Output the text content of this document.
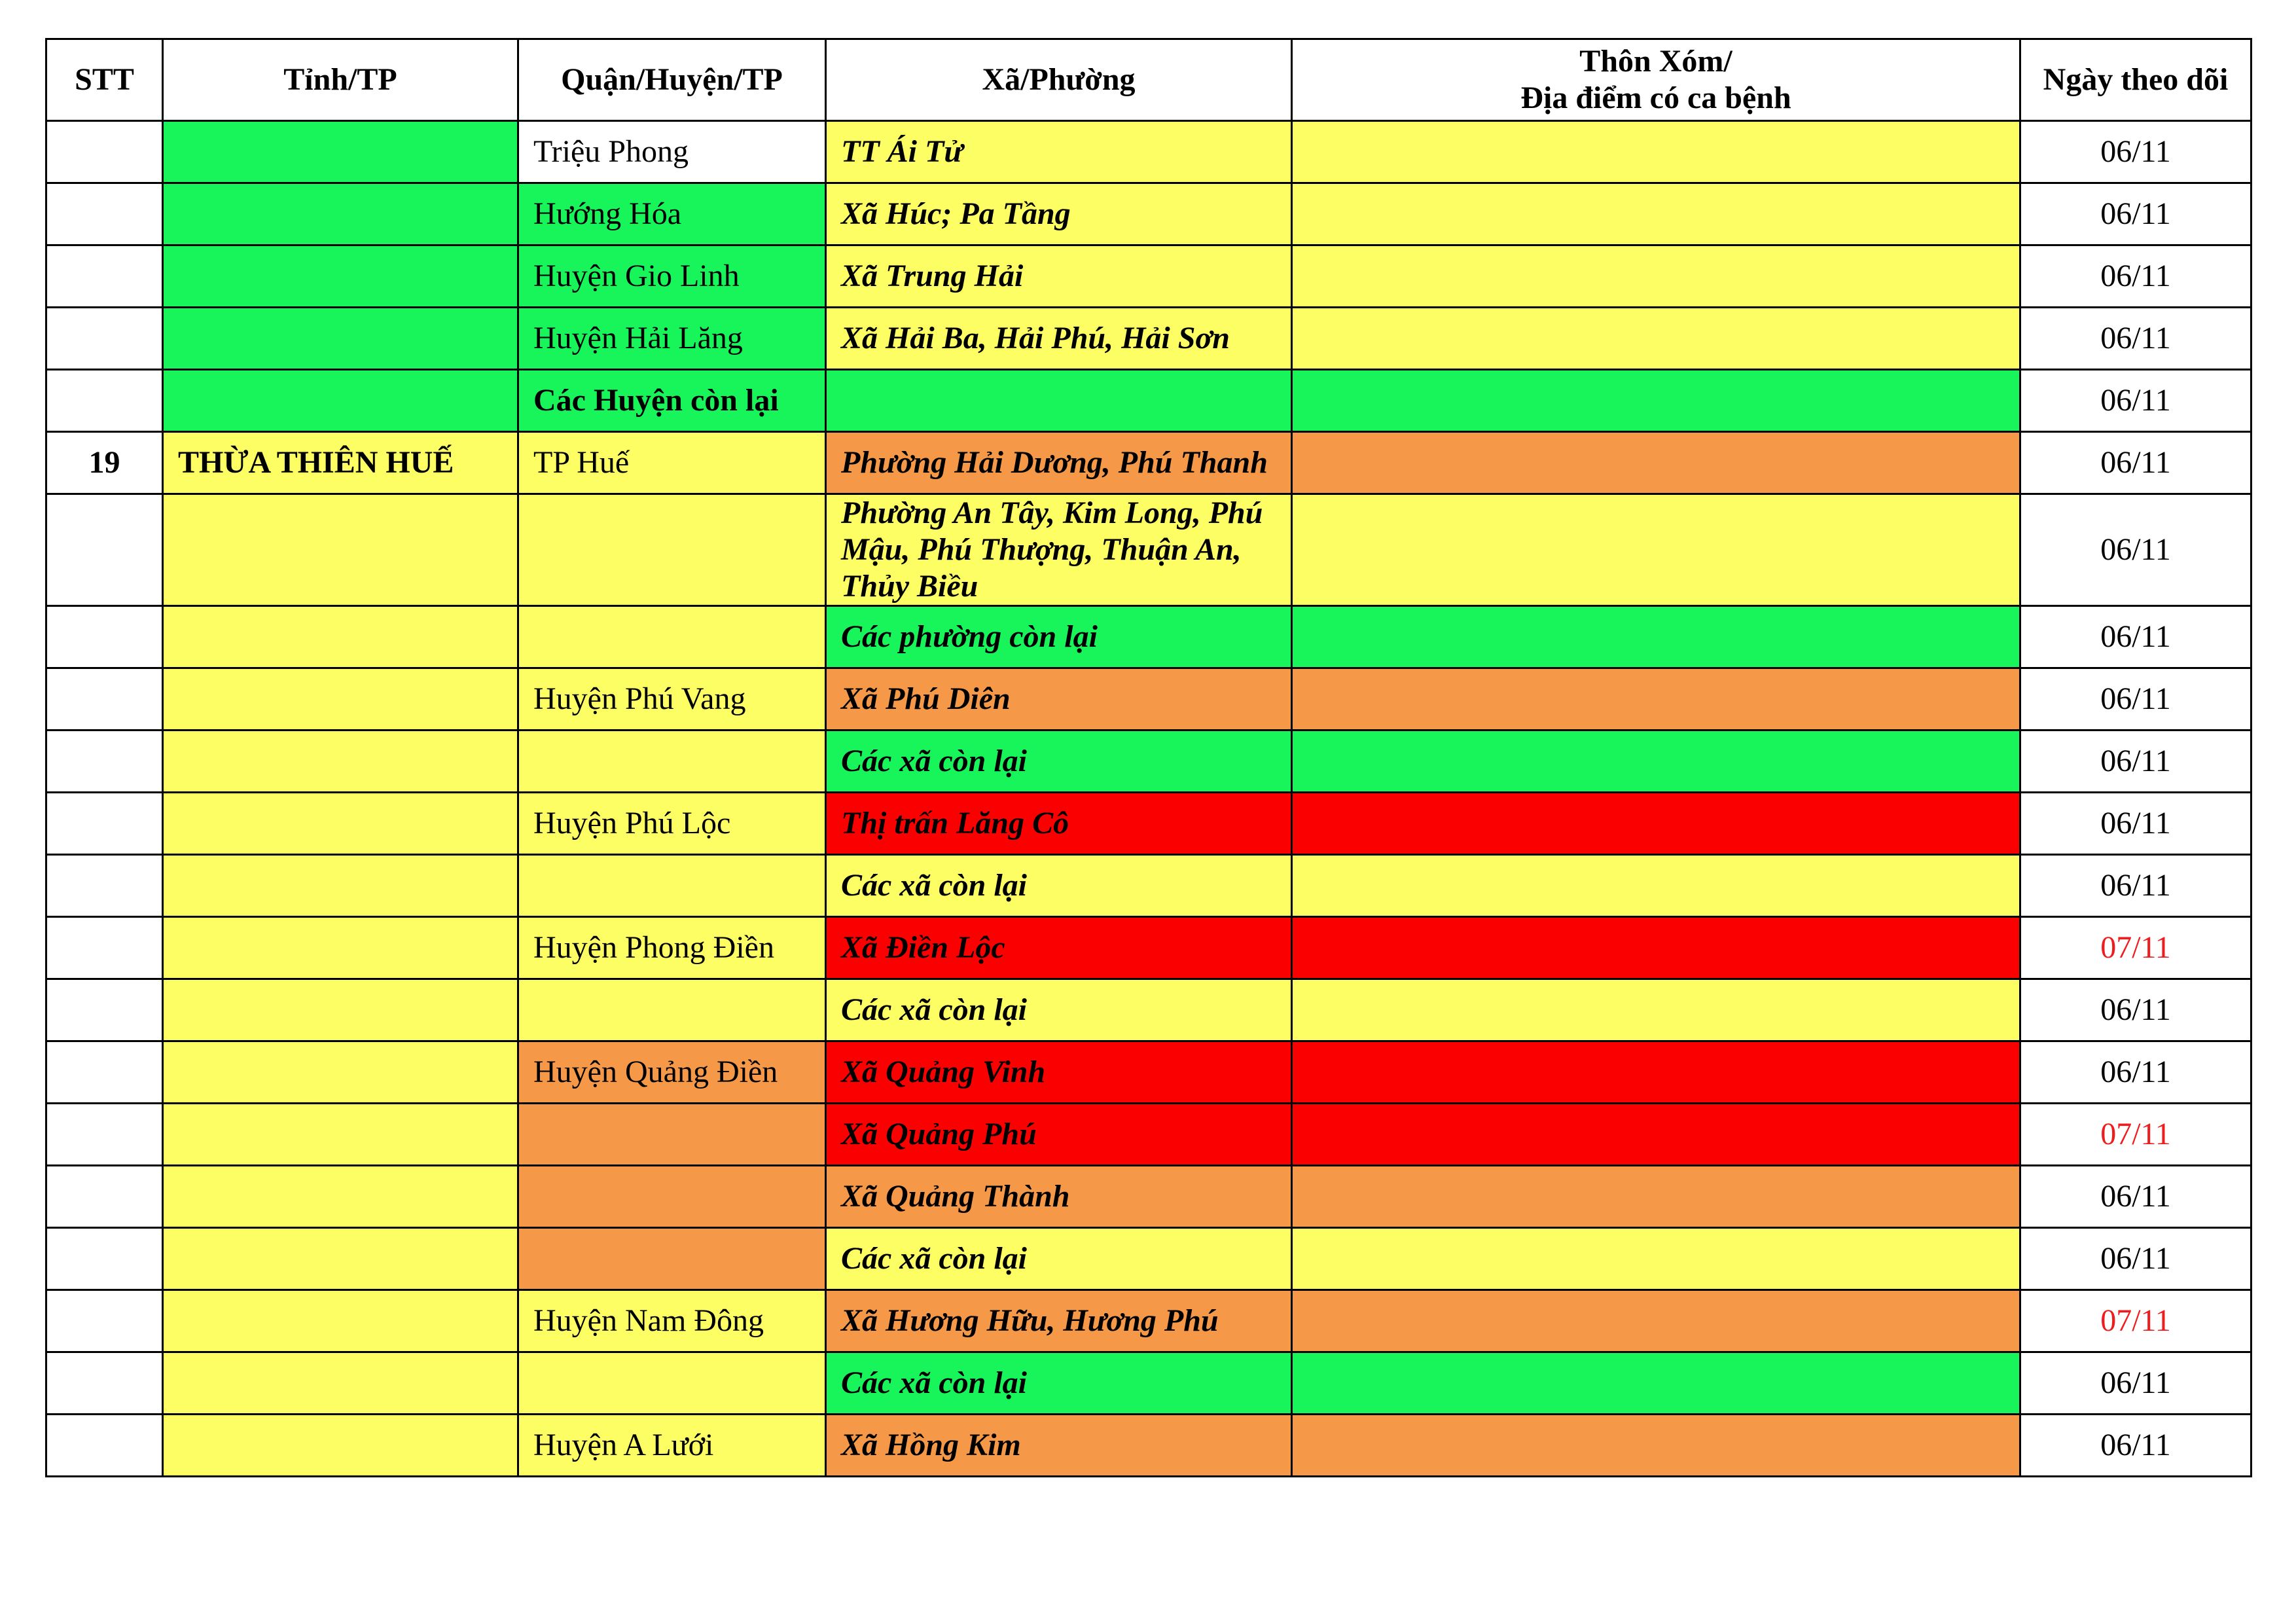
STT	Tỉnh/TP	Quận/Huyện/TP	Xã/Phường	Thôn Xóm/
Địa điểm có ca bệnh	Ngày theo dõi
		Triệu Phong	TT Ái Tử		06/11
		Hướng Hóa	Xã Húc; Pa Tầng		06/11
		Huyện Gio Linh	Xã Trung Hải		06/11
		Huyện Hải Lăng	Xã Hải Ba, Hải Phú, Hải Sơn		06/11
		Các Huyện còn lại			06/11
19	THỪA THIÊN HUẾ	TP Huế	Phường Hải Dương, Phú Thanh		06/11
			Phường An Tây, Kim Long, Phú Mậu, Phú Thượng, Thuận An, Thủy Biều		06/11
			Các phường còn lại		06/11
		Huyện Phú Vang	Xã Phú Diên		06/11
			Các xã còn lại		06/11
		Huyện Phú Lộc	Thị trấn Lăng Cô		06/11
			Các xã còn lại		06/11
		Huyện Phong Điền	Xã Điền Lộc		07/11
			Các xã còn lại		06/11
		Huyện Quảng Điền	Xã Quảng Vinh		06/11
			Xã Quảng Phú		07/11
			Xã Quảng Thành		06/11
			Các xã còn lại		06/11
		Huyện Nam Đông	Xã Hương Hữu, Hương Phú		07/11
			Các xã còn lại		06/11
		Huyện A Lưới	Xã Hồng Kim		06/11
